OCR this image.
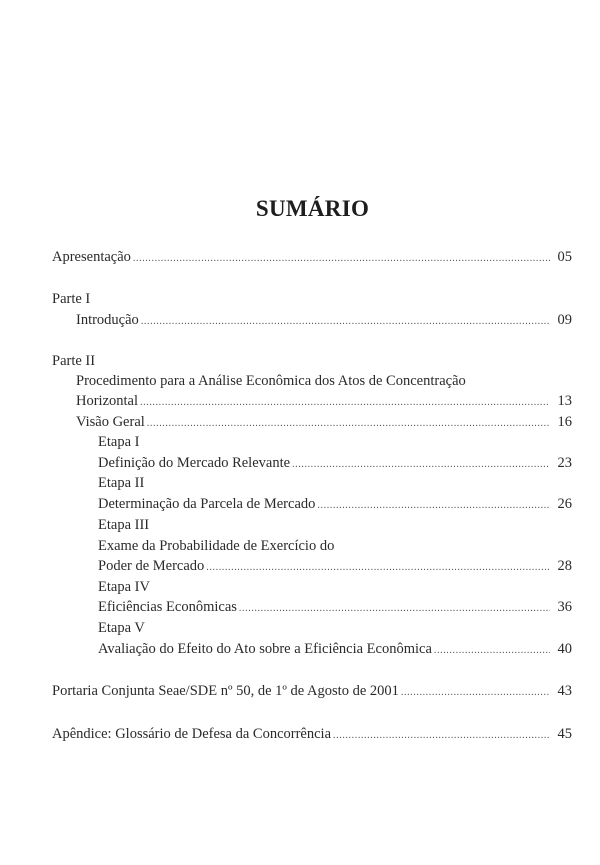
SUMÁRIO
Apresentação .....	05
Parte I
Introdução .....	09
Parte II
Procedimento para a Análise Econômica dos Atos de Concentração
Horizontal .....	13
Visão Geral .....	16
Etapa I
Definição do Mercado Relevante .....	23
Etapa II
Determinação da Parcela de Mercado .....	26
Etapa III
Exame da Probabilidade de Exercício do
Poder de Mercado .....	28
Etapa IV
Eficiências Econômicas .....	36
Etapa V
Avaliação do Efeito do Ato sobre a Eficiência Econômica .....	40
Portaria Conjunta Seae/SDE nº 50, de 1º de Agosto de 2001 .....	43
Apêndice: Glossário de Defesa da Concorrência .....	45
